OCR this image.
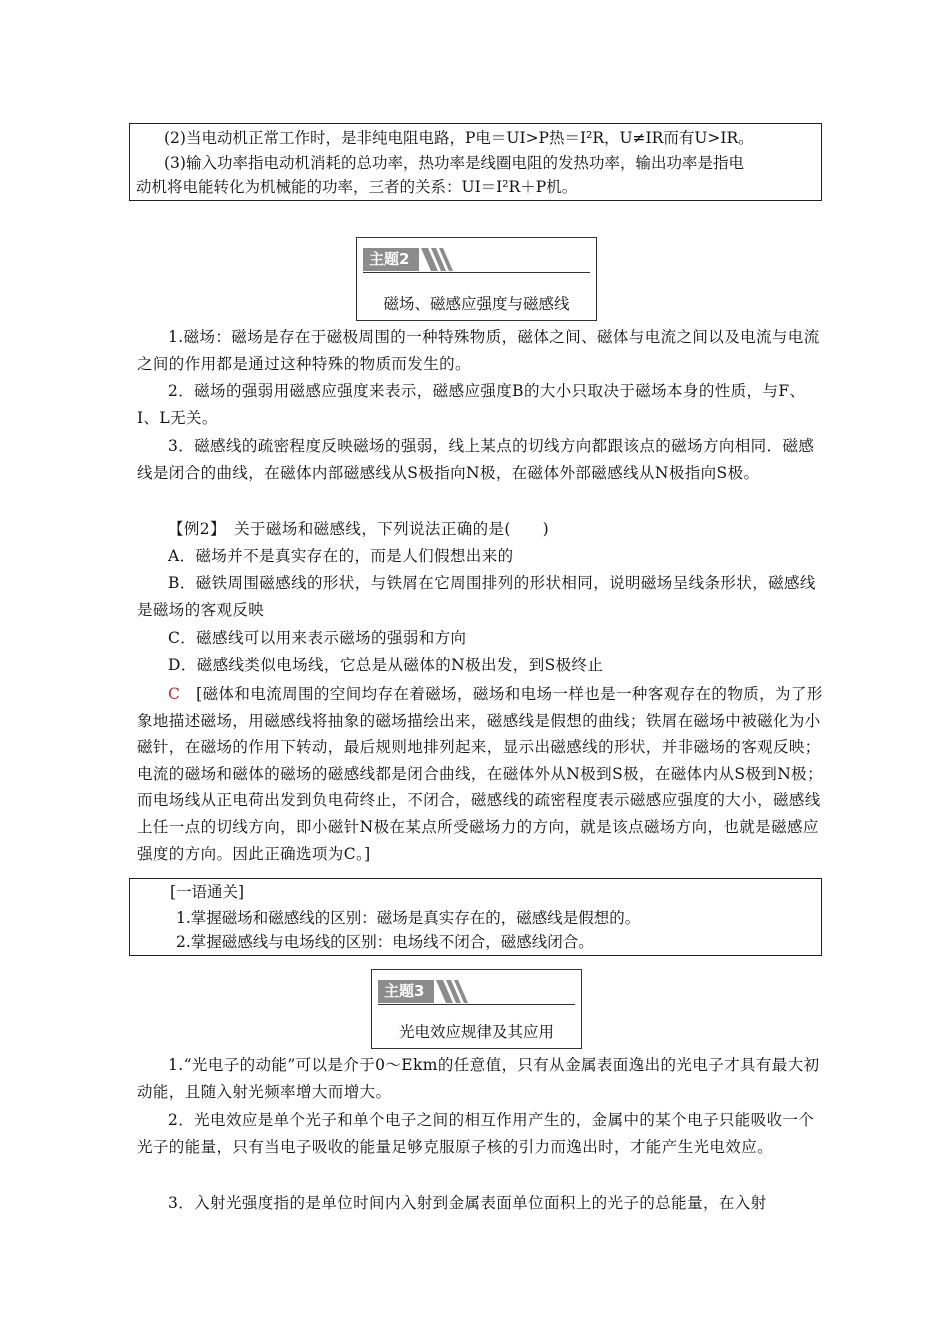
(2)当电动机正常工作时，是非纯电阻电路，P电＝UI>P热＝I²R，U≠IR而有U>IR。
(3)输入功率指电动机消耗的总功率，热功率是线圈电阻的发热功率，输出功率是指电
动机将电能转化为机械能的功率，三者的关系：UI＝I²R＋P机。
主题2
磁场、磁感应强度与磁感线
1.磁场：磁场是存在于磁极周围的一种特殊物质，磁体之间、磁体与电流之间以及电流与电流之间的作用都是通过这种特殊的物质而发生的。
2．磁场的强弱用磁感应强度来表示，磁感应强度B的大小只取决于磁场本身的性质，与F、I、L无关。
3．磁感线的疏密程度反映磁场的强弱，线上某点的切线方向都跟该点的磁场方向相同．磁感线是闭合的曲线，在磁体内部磁感线从S极指向N极，在磁体外部磁感线从N极指向S极。
【例2】　关于磁场和磁感线，下列说法正确的是(　　)
A．磁场并不是真实存在的，而是人们假想出来的
B．磁铁周围磁感线的形状，与铁屑在它周围排列的形状相同，说明磁场呈线条形状，磁感线是磁场的客观反映
C．磁感线可以用来表示磁场的强弱和方向
D．磁感线类似电场线，它总是从磁体的N极出发，到S极终止
C　[磁体和电流周围的空间均存在着磁场，磁场和电场一样也是一种客观存在的物质，为了形象地描述磁场，用磁感线将抽象的磁场描绘出来，磁感线是假想的曲线；铁屑在磁场中被磁化为小磁针，在磁场的作用下转动，最后规则地排列起来，显示出磁感线的形状，并非磁场的客观反映；电流的磁场和磁体的磁场的磁感线都是闭合曲线，在磁体外从N极到S极，在磁体内从S极到N极；而电场线从正电荷出发到负电荷终止，不闭合，磁感线的疏密程度表示磁感应强度的大小，磁感线上任一点的切线方向，即小磁针N极在某点所受磁场力的方向，就是该点磁场方向，也就是磁感应强度的方向。因此正确选项为C。]
[一语通关]
1.掌握磁场和磁感线的区别：磁场是真实存在的，磁感线是假想的。
2.掌握磁感线与电场线的区别：电场线不闭合，磁感线闭合。
主题3
光电效应规律及其应用
1.“光电子的动能”可以是介于0～Ekm的任意值，只有从金属表面逸出的光电子才具有最大初动能，且随入射光频率增大而增大。
2．光电效应是单个光子和单个电子之间的相互作用产生的，金属中的某个电子只能吸收一个光子的能量，只有当电子吸收的能量足够克服原子核的引力而逸出时，才能产生光电效应。
3．入射光强度指的是单位时间内入射到金属表面单位面积上的光子的总能量，在入射
